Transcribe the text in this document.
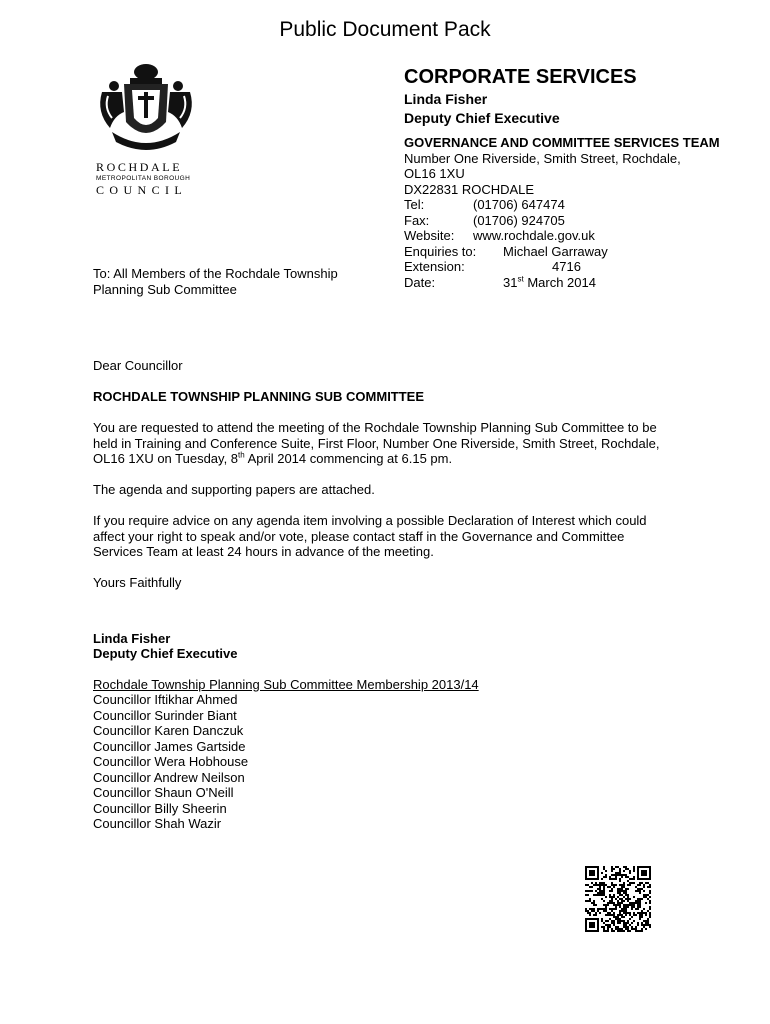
Public Document Pack
ROCHDALE
METROPOLITAN BOROUGH
COUNCIL
CORPORATE SERVICES
Linda Fisher
Deputy Chief Executive
GOVERNANCE AND COMMITTEE SERVICES TEAM
Number One Riverside, Smith Street, Rochdale,
OL16 1XU
DX22831 ROCHDALE
Tel:	(01706) 647474
Fax:	(01706) 924705
Website:	www.rochdale.gov.uk
Enquiries to:	Michael Garraway
Extension:	4716
Date:	31st March 2014
To: All Members of the Rochdale Township
Planning Sub Committee

Dear Councillor

ROCHDALE TOWNSHIP PLANNING SUB COMMITTEE

You are requested to attend the meeting of the Rochdale Township Planning Sub Committee to be held in Training and Conference Suite, First Floor, Number One Riverside, Smith Street, Rochdale, OL16 1XU on Tuesday, 8th April 2014 commencing at 6.15 pm.

The agenda and supporting papers are attached.

If you require advice on any agenda item involving a possible Declaration of Interest which could affect your right to speak and/or vote, please contact staff in the Governance and Committee Services Team at least 24 hours in advance of the meeting.

Yours Faithfully

Linda Fisher
Deputy Chief Executive
Rochdale Township Planning Sub Committee Membership 2013/14
Councillor Iftikhar Ahmed
Councillor Surinder Biant
Councillor Karen Danczuk
Councillor James Gartside
Councillor Wera Hobhouse
Councillor Andrew Neilson
Councillor Shaun O'Neill
Councillor Billy Sheerin
Councillor Shah Wazir
